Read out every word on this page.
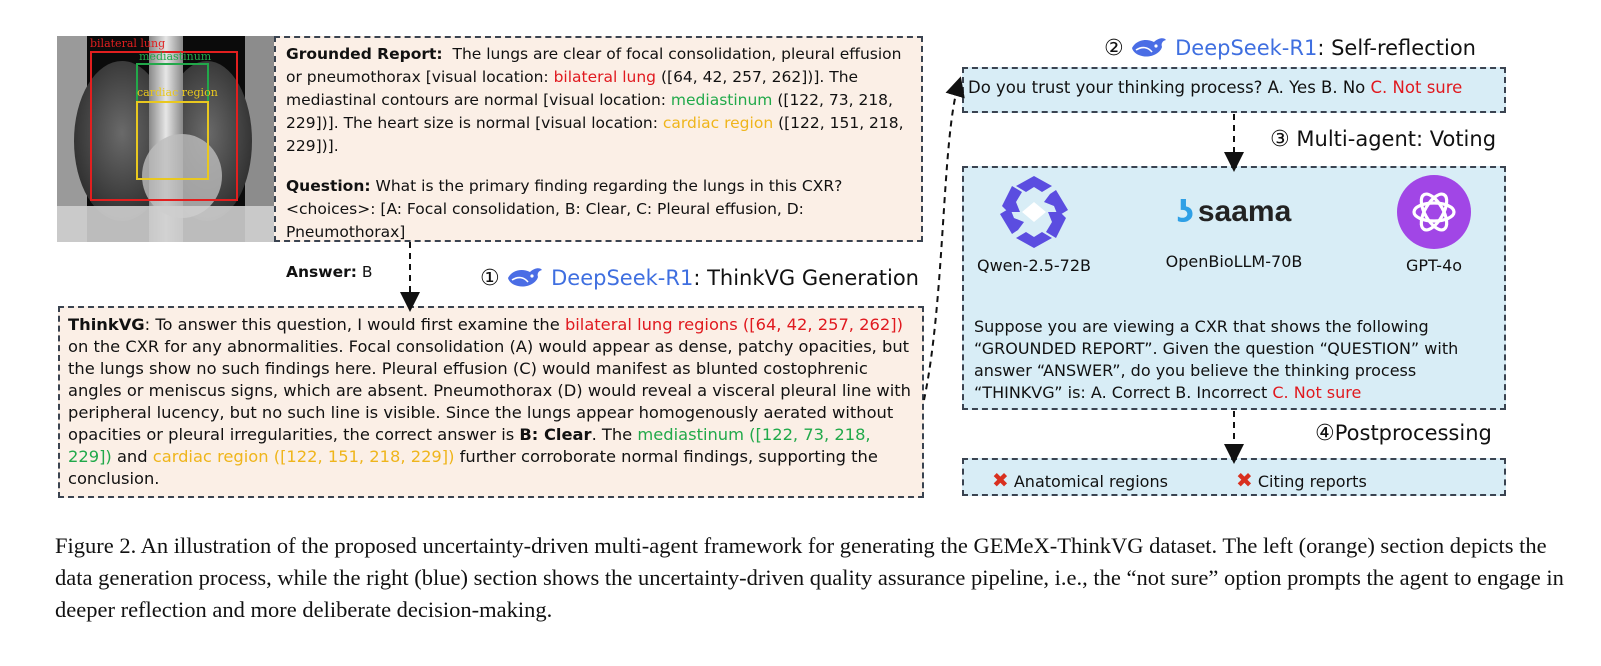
bilateral lung
mediastinum
cardiac region

Grounded Report: The lungs are clear of focal consolidation, pleural effusion or pneumothorax [visual location: bilateral lung ([64, 42, 257, 262])]. The mediastinal contours are normal [visual location: mediastinum ([122, 73, 218, 229])]. The heart size is normal [visual location: cardiac region ([122, 151, 218, 229])].

Question: What is the primary finding regarding the lungs in this CXR? <choices>: [A: Focal consolidation, B: Clear, C: Pleural effusion, D: Pneumothorax]

Answer: B	① DeepSeek-R1: ThinkVG Generation
ThinkVG: To answer this question, I would first examine the bilateral lung regions ([64, 42, 257, 262]) on the CXR for any abnormalities. Focal consolidation (A) would appear as dense, patchy opacities, but the lungs show no such findings here. Pleural effusion (C) would manifest as blunted costophrenic angles or meniscus signs, which are absent. Pneumothorax (D) would reveal a visceral pleural line with peripheral lucency, but no such line is visible. Since the lungs appear homogenously aerated without opacities or pleural irregularities, the correct answer is B: Clear. The mediastinum ([122, 73, 218, 229]) and cardiac region ([122, 151, 218, 229]) further corroborate normal findings, supporting the conclusion.
② DeepSeek-R1: Self-reflection
Do you trust your thinking process? A. Yes B. No C. Not sure
③ Multi-agent: Voting
Qwen-2.5-72B
ʖ saama
OpenBioLLM-70B	GPT-4o
Suppose you are viewing a CXR that shows the following “GROUNDED REPORT”. Given the question “QUESTION” with answer “ANSWER”, do you believe the thinking process “THINKVG” is: A. Correct B. Incorrect C. Not sure
④Postprocessing
✖ Anatomical regions	✖ Citing reports
Figure 2. An illustration of the proposed uncertainty-driven multi-agent framework for generating the GEMeX-ThinkVG dataset. The left (orange) section depicts the data generation process, while the right (blue) section shows the uncertainty-driven quality assurance pipeline, i.e., the “not sure” option prompts the agent to engage in deeper reflection and more deliberate decision-making.
